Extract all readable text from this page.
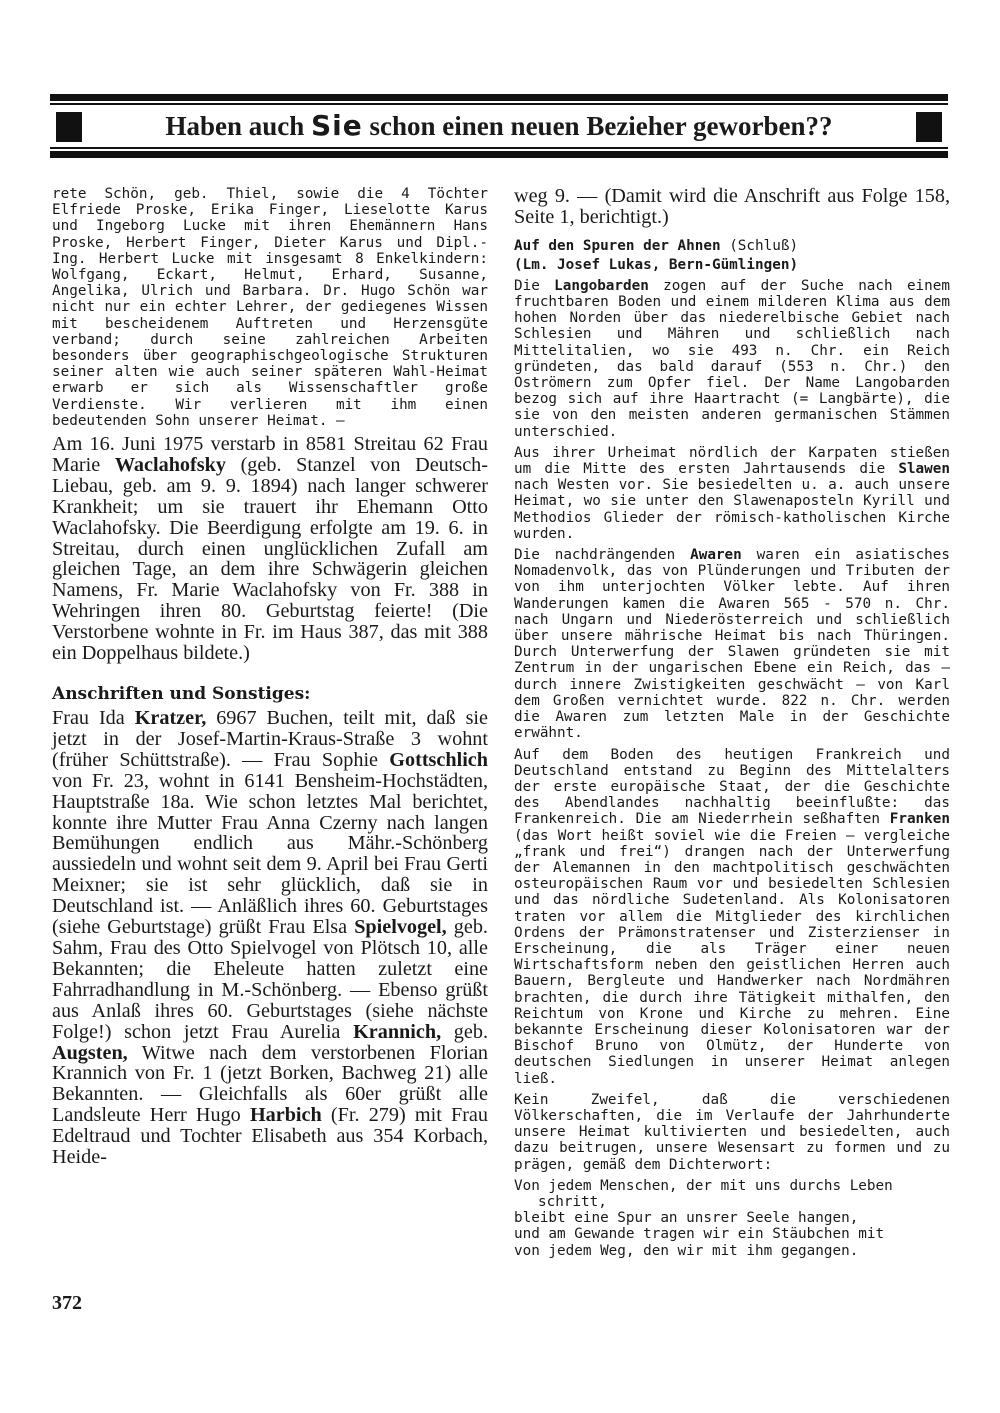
Haben auch Sie schon einen neuen Bezieher geworben??

rete Schön, geb. Thiel, sowie die 4 Töchter Elfriede Proske, Erika Finger, Lieselotte Karus und Ingeborg Lucke mit ihren Ehemännern Hans Proske, Herbert Finger, Dieter Karus und Dipl.-Ing. Herbert Lucke mit insgesamt 8 Enkelkindern: Wolfgang, Eckart, Helmut, Erhard, Susanne, Angelika, Ulrich und Barbara. Dr. Hugo Schön war nicht nur ein echter Lehrer, der gediegenes Wissen mit bescheidenem Auftreten und Herzensgüte verband; durch seine zahlreichen Arbeiten besonders über geographischgeologische Strukturen seiner alten wie auch seiner späteren Wahl-Heimat erwarb er sich als Wissenschaftler große Verdienste. Wir verlieren mit ihm einen bedeutenden Sohn unserer Heimat. —

Am 16. Juni 1975 verstarb in 8581 Streitau 62 Frau Marie Waclahofsky (geb. Stanzel von Deutsch-Liebau, geb. am 9. 9. 1894) nach langer schwerer Krankheit; um sie trauert ihr Ehemann Otto Waclahofsky. Die Beerdigung erfolgte am 19. 6. in Streitau, durch einen unglücklichen Zufall am gleichen Tage, an dem ihre Schwägerin gleichen Namens, Fr. Marie Waclahofsky von Fr. 388 in Wehringen ihren 80. Geburtstag feierte! (Die Verstorbene wohnte in Fr. im Haus 387, das mit 388 ein Doppelhaus bildete.)

Anschriften und Sonstiges:

Frau Ida Kratzer, 6967 Buchen, teilt mit, daß sie jetzt in der Josef-Martin-Kraus-Straße 3 wohnt (früher Schüttstraße). — Frau Sophie Gottschlich von Fr. 23, wohnt in 6141 Bensheim-Hochstädten, Hauptstraße 18a. Wie schon letztes Mal berichtet, konnte ihre Mutter Frau Anna Czerny nach langen Bemühungen endlich aus Mähr.-Schönberg aussiedeln und wohnt seit dem 9. April bei Frau Gerti Meixner; sie ist sehr glücklich, daß sie in Deutschland ist. — Anläßlich ihres 60. Geburtstages (siehe Geburtstage) grüßt Frau Elsa Spielvogel, geb. Sahm, Frau des Otto Spielvogel von Plötsch 10, alle Bekannten; die Eheleute hatten zuletzt eine Fahrradhandlung in M.-Schönberg. — Ebenso grüßt aus Anlaß ihres 60. Geburtstages (siehe nächste Folge!) schon jetzt Frau Aurelia Krannich, geb. Augsten, Witwe nach dem verstorbenen Florian Krannich von Fr. 1 (jetzt Borken, Bachweg 21) alle Bekannten. — Gleichfalls als 60er grüßt alle Landsleute Herr Hugo Harbich (Fr. 279) mit Frau Edeltraud und Tochter Elisabeth aus 354 Korbach, Heide-

weg 9. — (Damit wird die Anschrift aus Folge 158, Seite 1, berichtigt.)

Auf den Spuren der Ahnen (Schluß)
(Lm. Josef Lukas, Bern-Gümlingen)

Die Langobarden zogen auf der Suche nach einem fruchtbaren Boden und einem milderen Klima aus dem hohen Norden über das niederelbische Gebiet nach Schlesien und Mähren und schließlich nach Mittelitalien, wo sie 493 n. Chr. ein Reich gründeten, das bald darauf (553 n. Chr.) den Oströmern zum Opfer fiel. Der Name Langobarden bezog sich auf ihre Haartracht (= Langbärte), die sie von den meisten anderen germanischen Stämmen unterschied.

Aus ihrer Urheimat nördlich der Karpaten stießen um die Mitte des ersten Jahrtausends die Slawen nach Westen vor. Sie besiedelten u. a. auch unsere Heimat, wo sie unter den Slawenaposteln Kyrill und Methodios Glieder der römisch-katholischen Kirche wurden.

Die nachdrängenden Awaren waren ein asiatisches Nomadenvolk, das von Plünderungen und Tributen der von ihm unterjochten Völker lebte. Auf ihren Wanderungen kamen die Awaren 565 - 570 n. Chr. nach Ungarn und Niederösterreich und schließlich über unsere mährische Heimat bis nach Thüringen. Durch Unterwerfung der Slawen gründeten sie mit Zentrum in der ungarischen Ebene ein Reich, das — durch innere Zwistigkeiten geschwächt — von Karl dem Großen vernichtet wurde. 822 n. Chr. werden die Awaren zum letzten Male in der Geschichte erwähnt.

Auf dem Boden des heutigen Frankreich und Deutschland entstand zu Beginn des Mittelalters der erste europäische Staat, der die Geschichte des Abendlandes nachhaltig beeinflußte: das Frankenreich. Die am Niederrhein seßhaften Franken (das Wort heißt soviel wie die Freien — vergleiche „frank und frei“) drangen nach der Unterwerfung der Alemannen in den machtpolitisch geschwächten osteuropäischen Raum vor und besiedelten Schlesien und das nördliche Sudetenland. Als Kolonisatoren traten vor allem die Mitglieder des kirchlichen Ordens der Prämonstratenser und Zisterzienser in Erscheinung, die als Träger einer neuen Wirtschaftsform neben den geistlichen Herren auch Bauern, Bergleute und Handwerker nach Nordmähren brachten, die durch ihre Tätigkeit mithalfen, den Reichtum von Krone und Kirche zu mehren. Eine bekannte Erscheinung dieser Kolonisatoren war der Bischof Bruno von Olmütz, der Hunderte von deutschen Siedlungen in unserer Heimat anlegen ließ.

Kein Zweifel, daß die verschiedenen Völkerschaften, die im Verlaufe der Jahrhunderte unsere Heimat kultivierten und besiedelten, auch dazu beitrugen, unsere Wesensart zu formen und zu prägen, gemäß dem Dichterwort:

Von jedem Menschen, der mit uns durchs Leben
schritt,
bleibt eine Spur an unsrer Seele hangen,
und am Gewande tragen wir ein Stäubchen mit
von jedem Weg, den wir mit ihm gegangen.
372
